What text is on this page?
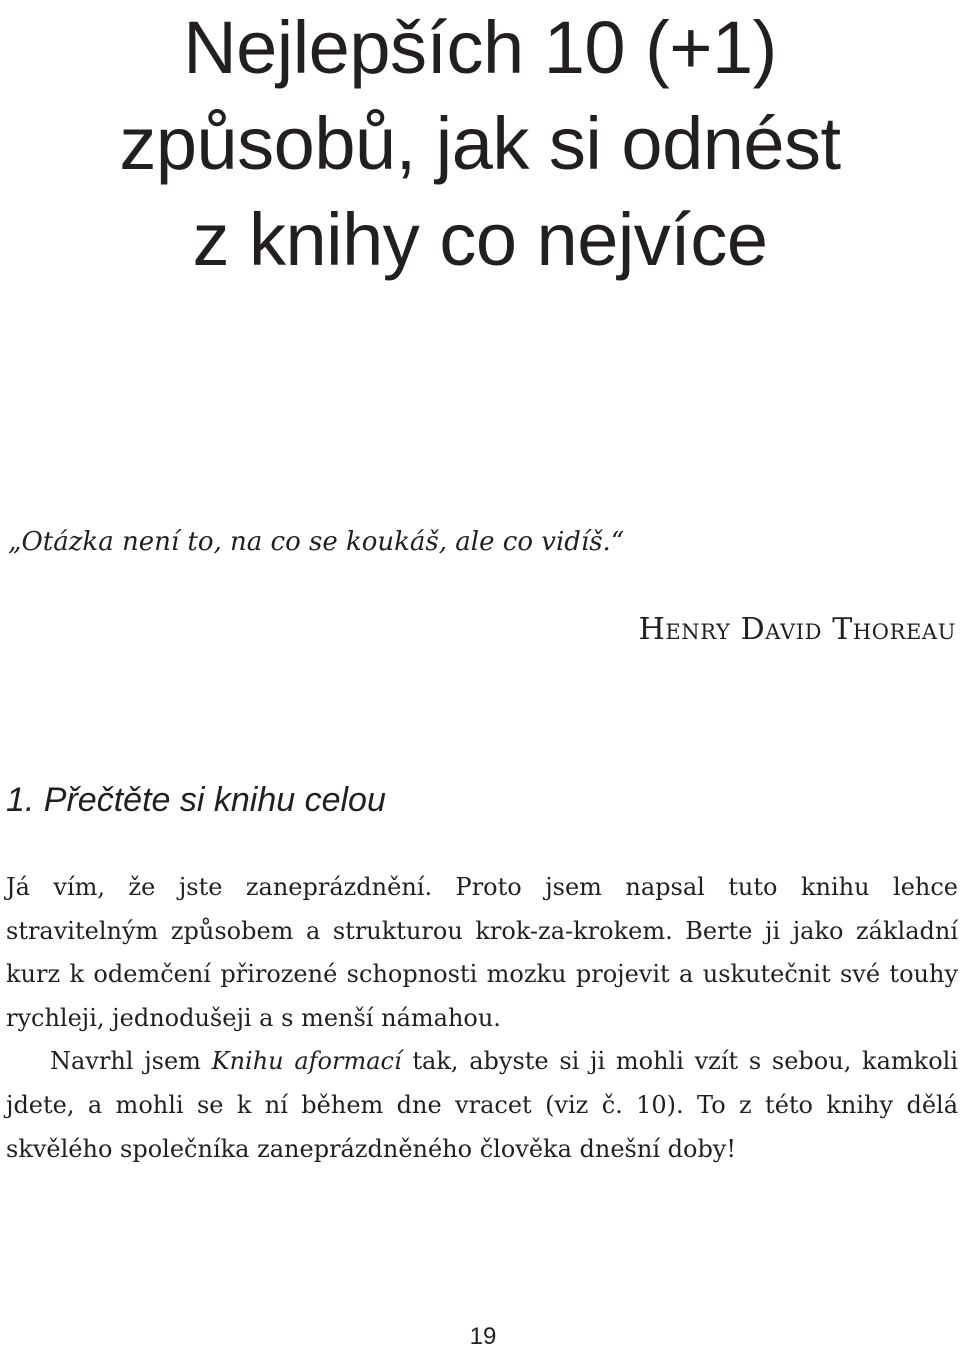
Nejlepších 10 (+1)
způsobů, jak si odnést
z knihy co nejvíce

„Otázka není to, na co se koukáš, ale co vidíš.“

Henry David Thoreau

1. Přečtěte si knihu celou

Já vím, že jste zaneprázdnění. Proto jsem napsal tuto knihu lehce stravitelným způsobem a strukturou krok-za-krokem. Berte ji jako základní kurz k odemčení přirozené schopnosti mozku projevit a uskutečnit své touhy rychleji, jednodušeji a s menší námahou.

Navrhl jsem Knihu aformací tak, abyste si ji mohli vzít s sebou, kamkoli jdete, a mohli se k ní během dne vracet (viz č. 10). To z této knihy dělá skvělého společníka zaneprázdněného člověka dnešní doby!

19
